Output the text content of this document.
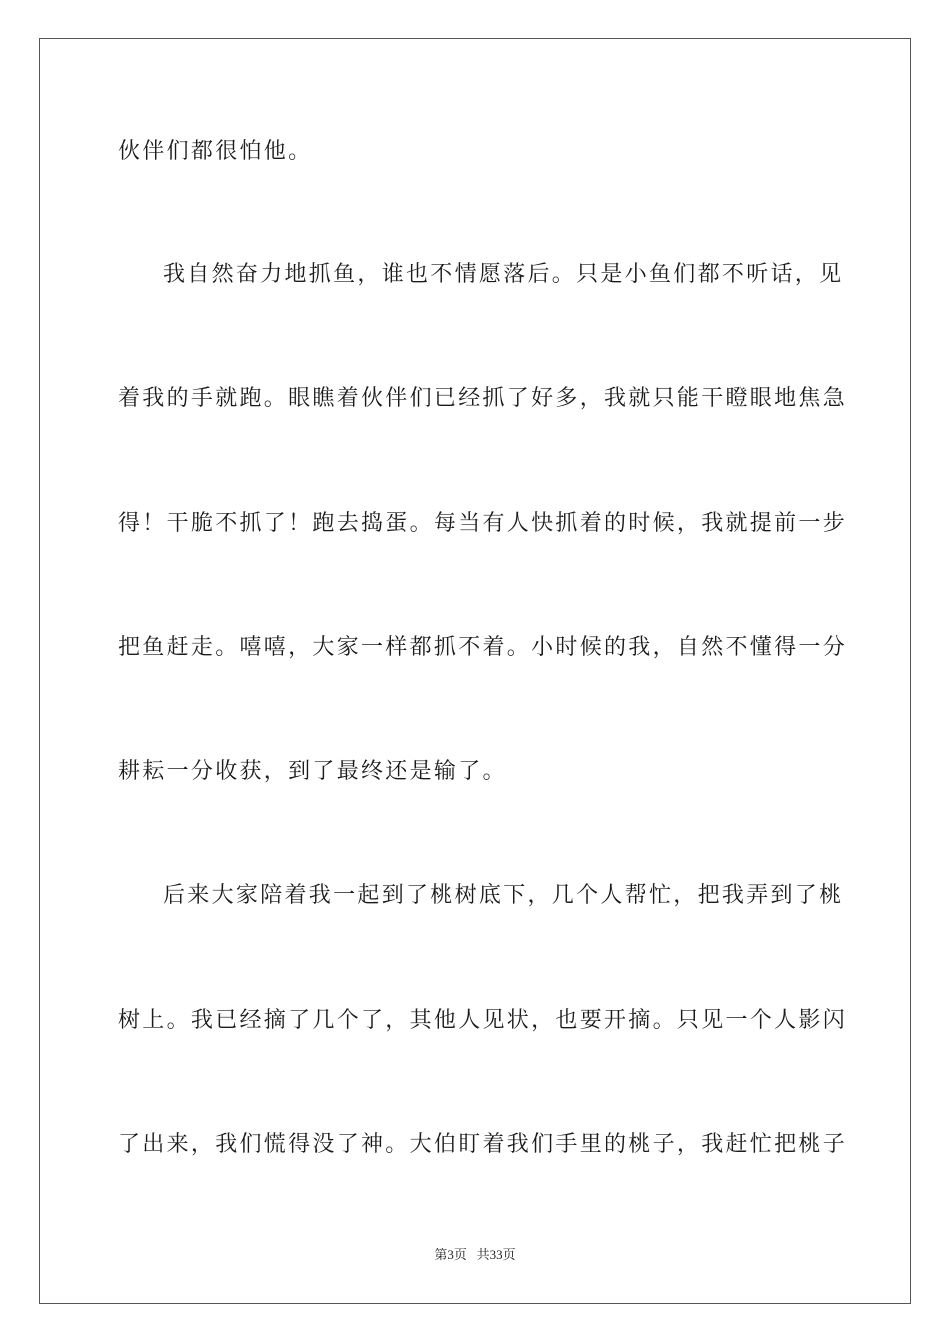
伙伴们都很怕他。
我自然奋力地抓鱼，谁也不情愿落后。只是小鱼们都不听话，见
着我的手就跑。眼瞧着伙伴们已经抓了好多，我就只能干瞪眼地焦急
得！干脆不抓了！跑去捣蛋。每当有人快抓着的时候，我就提前一步
把鱼赶走。嘻嘻，大家一样都抓不着。小时候的我，自然不懂得一分
耕耘一分收获，到了最终还是输了。
后来大家陪着我一起到了桃树底下，几个人帮忙，把我弄到了桃
树上。我已经摘了几个了，其他人见状，也要开摘。只见一个人影闪
了出来，我们慌得没了神。大伯盯着我们手里的桃子，我赶忙把桃子
第3页 共33页
